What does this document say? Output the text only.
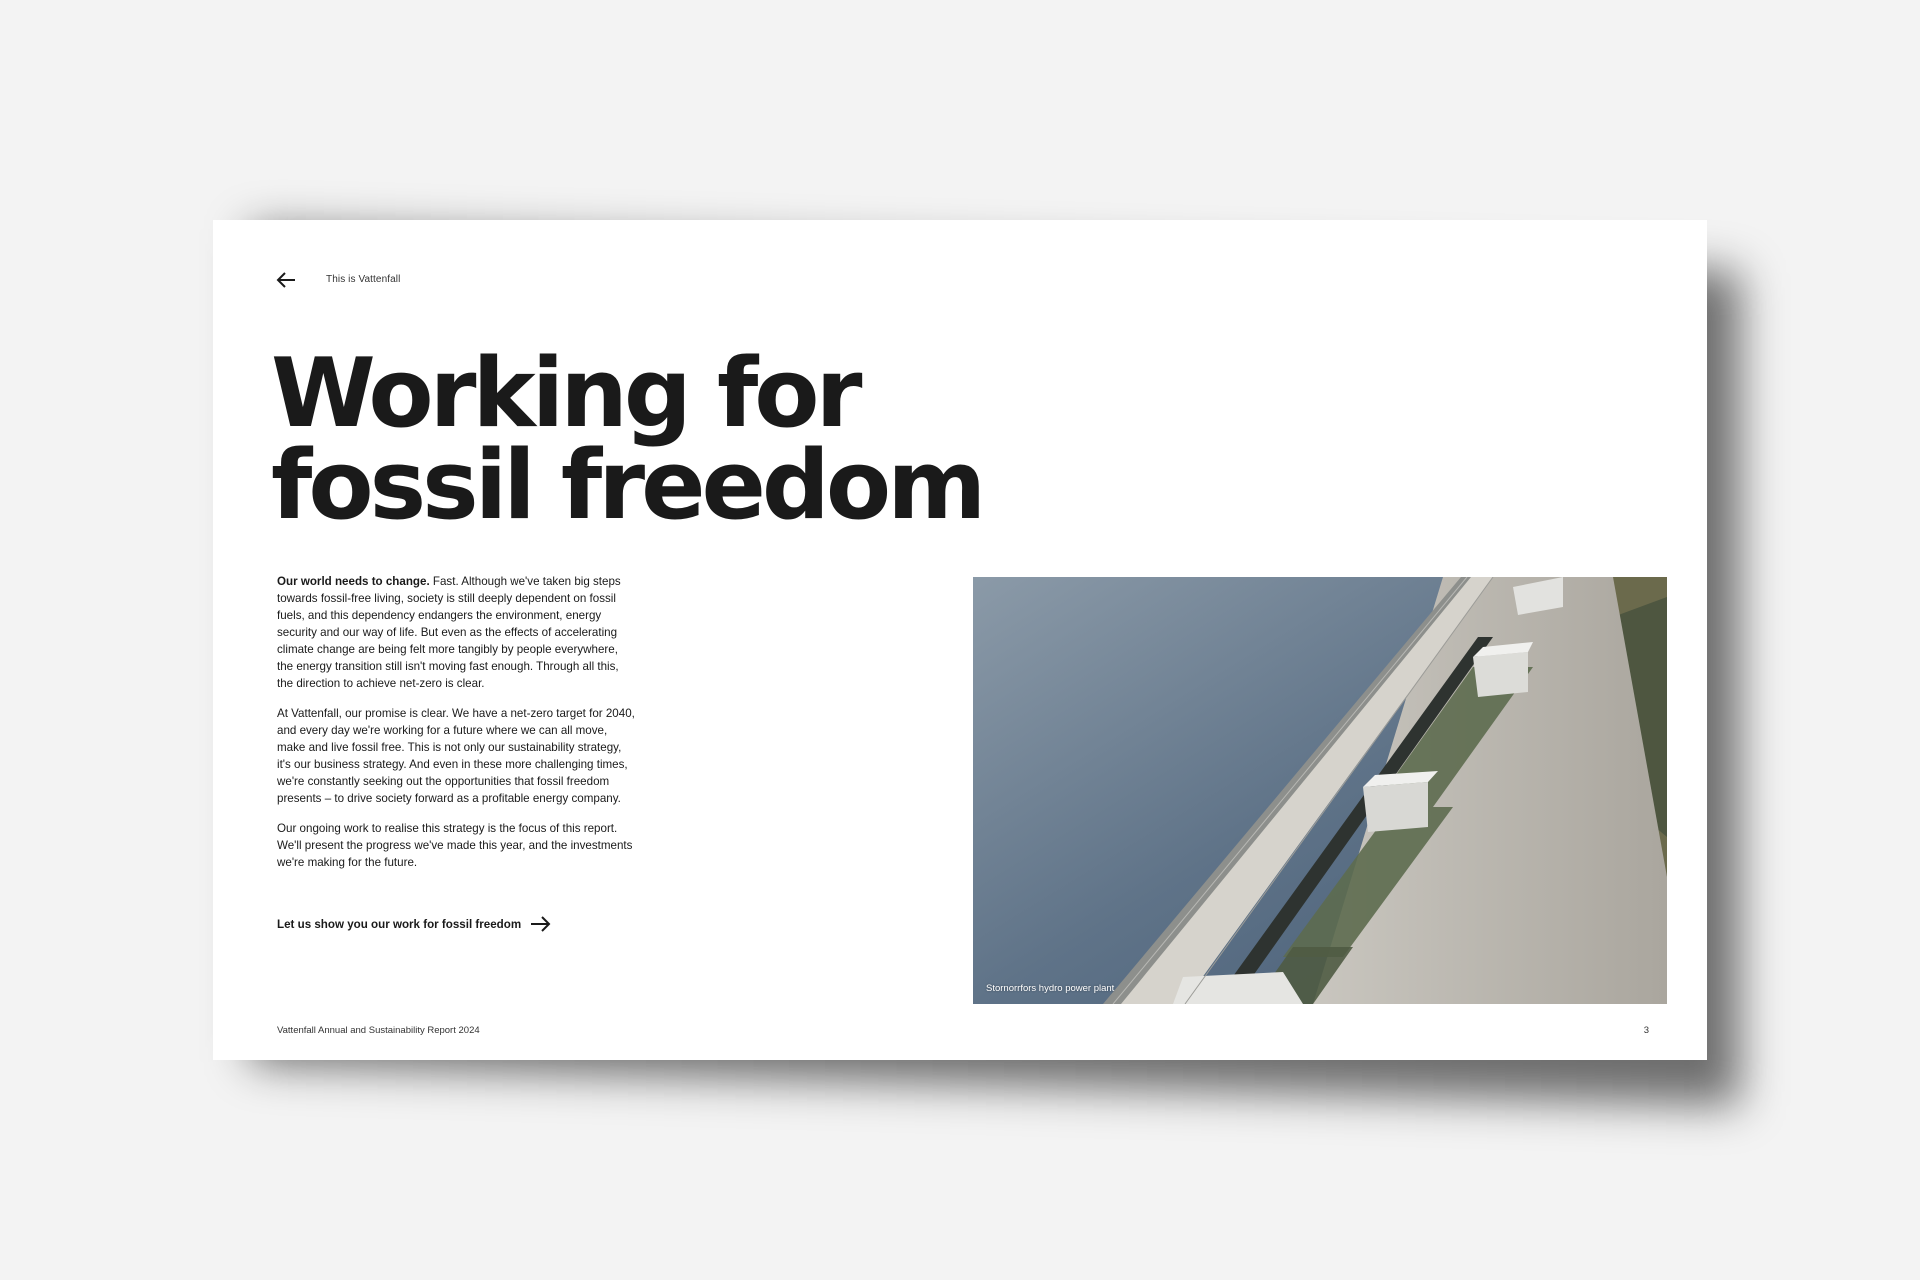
This is Vattenfall
Working for
fossil freedom

Our world needs to change. Fast. Although we've taken big steps towards fossil-free living, society is still deeply dependent on fossil fuels, and this dependency endangers the environment, energy security and our way of life. But even as the effects of accelerating climate change are being felt more tangibly by people everywhere, the energy transition still isn't moving fast enough. Through all this, the direction to achieve net-zero is clear.

At Vattenfall, our promise is clear. We have a net-zero target for 2040, and every day we're working for a future where we can all move, make and live fossil free. This is not only our sustainability strategy, it's our business strategy. And even in these more challenging times, we're constantly seeking out the opportunities that fossil freedom presents – to drive society forward as a profitable energy company.

Our ongoing work to realise this strategy is the focus of this report. We'll present the progress we've made this year, and the investments we're making for the future.

Let us show you our work for fossil freedom
Stornorrfors hydro power plant
Vattenfall Annual and Sustainability Report 2024	3
